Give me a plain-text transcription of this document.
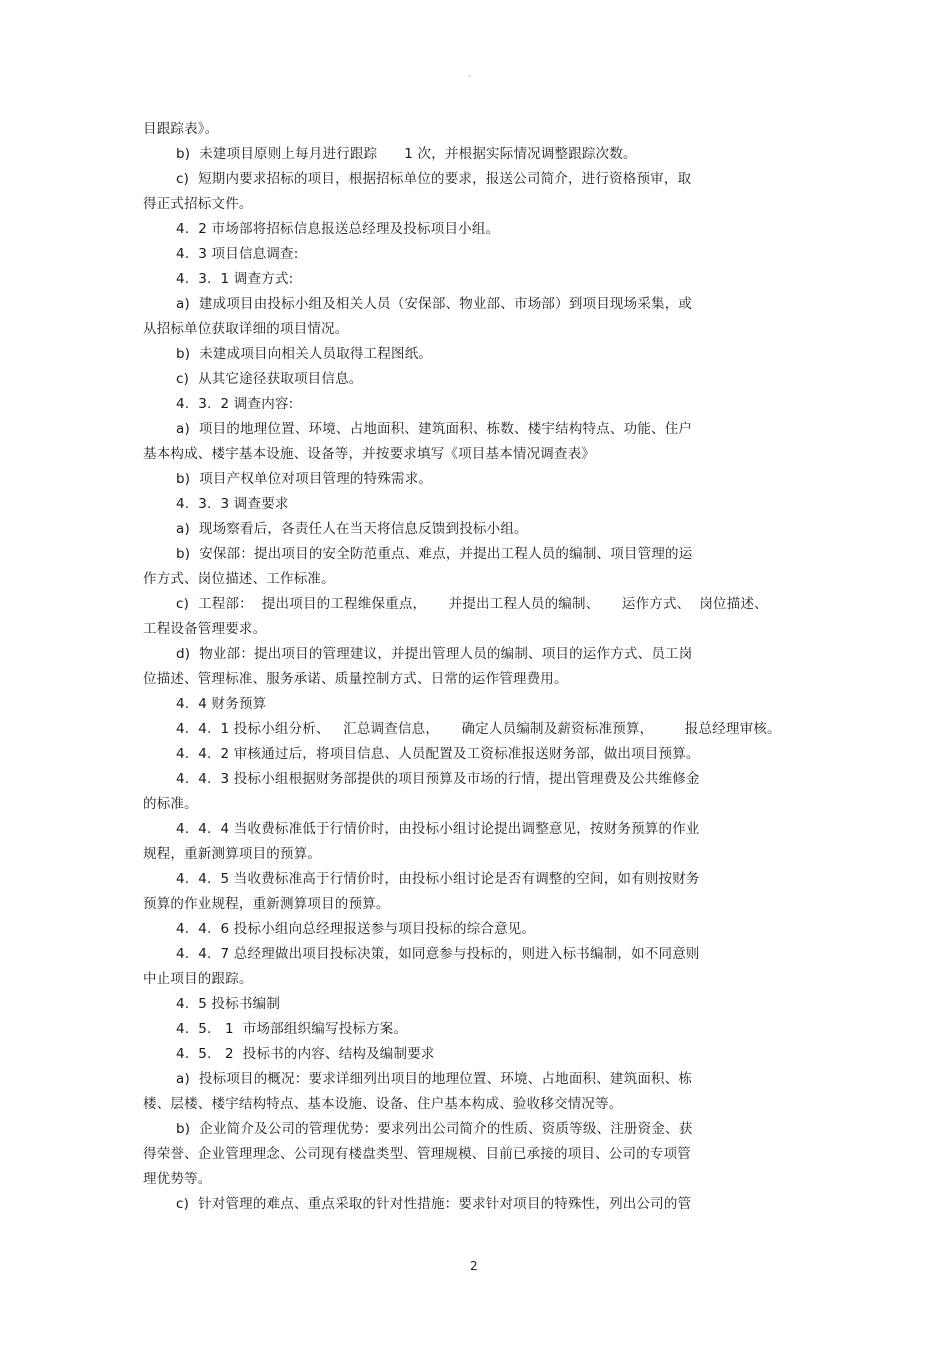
。
目跟踪表》。
b)  未建项目原则上每月进行跟踪      1 次，并根据实际情况调整跟踪次数。
c)  短期内要求招标的项目，根据招标单位的要求，报送公司简介，进行资格预审，取
得正式招标文件。
4.  2 市场部将招标信息报送总经理及投标项目小组。
4.  3 项目信息调查:
4.  3.  1 调查方式:
a)  建成项目由投标小组及相关人员（安保部、物业部、市场部）到项目现场采集，或
从招标单位获取详细的项目情况。
b)  未建成项目向相关人员取得工程图纸。
c)  从其它途径获取项目信息。
4.  3.  2 调查内容:
a)  项目的地理位置、环境、占地面积、建筑面积、栋数、楼宇结构特点、功能、住户
基本构成、楼宇基本设施、设备等，并按要求填写《项目基本情况调查表》
b)  项目产权单位对项目管理的特殊需求。
4.  3.  3 调查要求
a)  现场察看后，各责任人在当天将信息反馈到投标小组。
b)  安保部：提出项目的安全防范重点、难点，并提出工程人员的编制、项目管理的运
作方式、岗位描述、工作标准。
c)  工程部：  提出项目的工程维保重点，     并提出工程人员的编制、     运作方式、  岗位描述、
工程设备管理要求。
d)  物业部：提出项目的管理建议，并提出管理人员的编制、项目的运作方式、员工岗
位描述、管理标准、服务承诺、质量控制方式、日常的运作管理费用。
4.  4 财务预算
4.  4.  1 投标小组分析、   汇总调查信息，     确定人员编制及薪资标准预算，       报总经理审核。
4.  4.  2 审核通过后，将项目信息、人员配置及工资标准报送财务部，做出项目预算。
4.  4.  3 投标小组根据财务部提供的项目预算及市场的行情，提出管理费及公共维修金
的标准。
4.  4.  4 当收费标准低于行情价时，由投标小组讨论提出调整意见，按财务预算的作业
规程，重新测算项目的预算。
4.  4.  5 当收费标准高于行情价时，由投标小组讨论是否有调整的空间，如有则按财务
预算的作业规程，重新测算项目的预算。
4.  4.  6 投标小组向总经理报送参与项目投标的综合意见。
4.  4.  7 总经理做出项目投标决策，如同意参与投标的，则进入标书编制，如不同意则
中止项目的跟踪。
4.  5 投标书编制
4.  5.   1  市场部组织编写投标方案。
4.  5.   2  投标书的内容、结构及编制要求
a)  投标项目的概况：要求详细列出项目的地理位置、环境、占地面积、建筑面积、栋
楼、层楼、楼宇结构特点、基本设施、设备、住户基本构成、验收移交情况等。
b)  企业简介及公司的管理优势：要求列出公司简介的性质、资质等级、注册资金、获
得荣誉、企业管理理念、公司现有楼盘类型、管理规模、目前已承接的项目、公司的专项管
理优势等。
c)  针对管理的难点、重点采取的针对性措施：要求针对项目的特殊性，列出公司的管
2
